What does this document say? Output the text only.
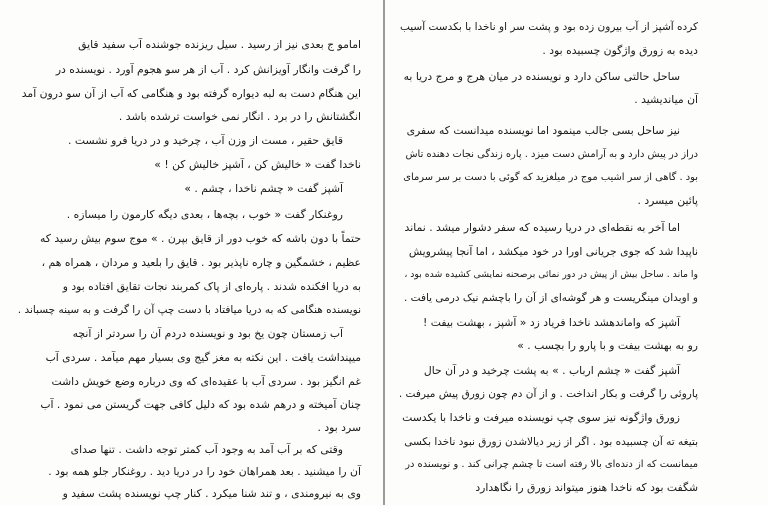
امامو ج بعدی نیز از رسید . سیل ریزنده جوشنده آب سفید قایق
را گرفت وانگار آویزانش کرد . آب از هر سو هجوم آورد . نویسنده در
این هنگام دست به لبه دیواره گرفته بود و هنگامی که آب از آن سو درون آمد
انگشتانش را در برد . انگار نمی خواست ترشده باشد .
قایق حقیر ، مست از وزن آب ، چرخید و در دریا فرو نشست .
ناخدا گفت « خالیش کن ، آشپز خالیش کن ! »
آشپز گفت « چشم ناخدا ، چشم . »
روغنکار گفت « خوب ، بچه‌ها ، بعدی دیگه کارمون را میسازه .
حتماً با دون باشه که خوب دور از قایق بپرن . » موج سوم بیش رسید که
عظیم ، خشمگین و چاره ناپذیر بود . قایق را بلعید و مردان ، همراه هم ،
به دریا افکنده شدند . پاره‌ای از پاک کمربند نجات تقایق افتاده بود و
نویسنده هنگامی که به دریا میافتاد با دست چپ آن را گرفت و به سینه چسباند .
آب زمستان چون یخ بود و نویسنده دردم آن را سردتر از آنچه
میپنداشت یافت . این نکته به مغز گیج وی بسیار مهم میآمد . سردی آب
غم انگیز بود . سردی آب با عقیده‌ای که وی درباره وضع خویش داشت
چنان آمیخته و درهم شده بود که دلیل کافی جهت گریستن می نمود . آب
سرد بود .
وقتی که بر آب آمد به وجود آب کمتر توجه داشت . تنها صدای
آن را میشنید . بعد همراهان خود را در دریا دید . روغنکار جلو همه بود .
وی به نیرومندی ، و تند شنا میکرد . کنار چپ نویسنده پشت سفید و
کرده آشپز از آب بیرون زده بود و پشت سر او ناخدا با بکدست آسیب
دیده به زورق واژگون چسبیده بود .
ساحل حالتی ساکن دارد و نویسنده در میان هرج و مرج دریا به
آن میاندیشید .
نیز ساحل بسی جالب مینمود اما نویسنده میدانست که سفری
دراز در پیش دارد و به آرامش دست میزد . پاره زندگی نجات دهنده تاش
بود . گاهی از سر اشیب موج در میلغزید که گوئی با دست بر سر سرمای
پائین میسرد .
اما آخر به نقطه‌ای در دریا رسیده که سفر دشوار میشد . نماند
ناپیدا شد که جوی جریانی اورا در خود میکشد ، اما آنجا پیشرویش
وا ماند . ساحل بیش از پیش در دور نمائی برصحنه نمایشی کشیده شده بود ،
و اوبدان مینگریست و هر گوشه‌ای از آن را باچشم نیک درمی یافت .
آشپز که واماندهشد ناخدا فریاد زد « آشپز ، بهشت بیفت !
رو به بهشت بیفت و با پارو را بچسب . »
آشپز گفت « چشم ارباب . » به پشت چرخید و در آن حال
پاروئی را گرفت و بکار انداخت . و از آن دم چون زورق پیش میرفت .
زورق واژگونه نیز سوی چپ نویسنده میرفت و ناخدا با یکدست
بتیغه ته آن چسبیده بود . اگر از زیر دیالاشدن زورق نبود ناخدا بکسی
میمانست که از دنده‌ای بالا رفته است تا چشم چرانی کند . و نویسنده در
شگفت بود که ناخدا هنوز میتواند زورق را نگاهدارد
